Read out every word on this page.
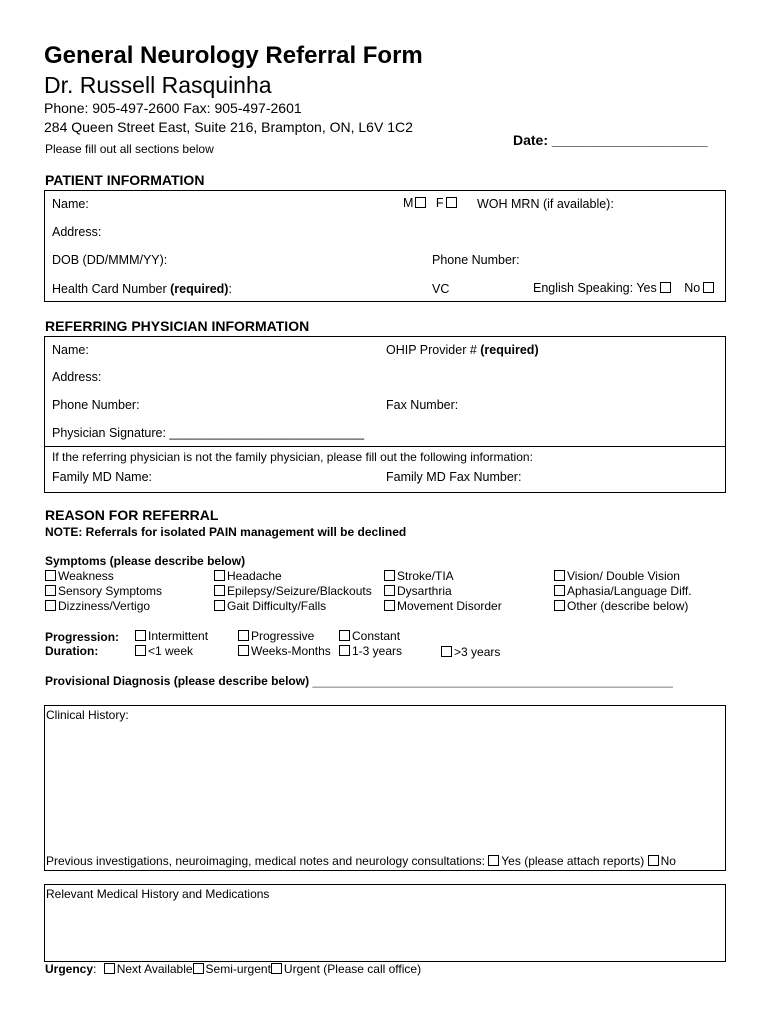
General Neurology Referral Form
Dr. Russell Rasquinha
Phone: 905-497-2600 Fax: 905-497-2601
284 Queen Street East, Suite 216, Brampton, ON, L6V 1C2
Please fill out all sections below
Date: ____________________
PATIENT INFORMATION
Name:	M F	WOH MRN (if available):
Address:
DOB (DD/MMM/YY):	Phone Number:
Health Card Number (required):	VC	English Speaking: Yes No
REFERRING PHYSICIAN INFORMATION
Name:	OHIP Provider # (required)
Address:
Phone Number:	Fax Number:
Physician Signature: ____________________________
If the referring physician is not the family physician, please fill out the following information:
Family MD Name:	Family MD Fax Number:
REASON FOR REFERRAL
NOTE: Referrals for isolated PAIN management will be declined
Symptoms (please describe below)
Weakness	Headache	Stroke/TIA	Vision/ Double Vision
Sensory Symptoms	Epilepsy/Seizure/Blackouts	Dysarthria	Aphasia/Language Diff.
Dizziness/Vertigo	Gait Difficulty/Falls	Movement Disorder	Other (describe below)
Progression:	Intermittent	Progressive	Constant
Duration:	<1 week	Weeks-Months	1-3 years	>3 years
Provisional Diagnosis (please describe below) ______________________________________________________
Clinical History:
Previous investigations, neuroimaging, medical notes and neurology consultations: Yes (please attach reports) No
Relevant Medical History and Medications
Urgency: Next Available Semi-urgent Urgent (Please call office)
